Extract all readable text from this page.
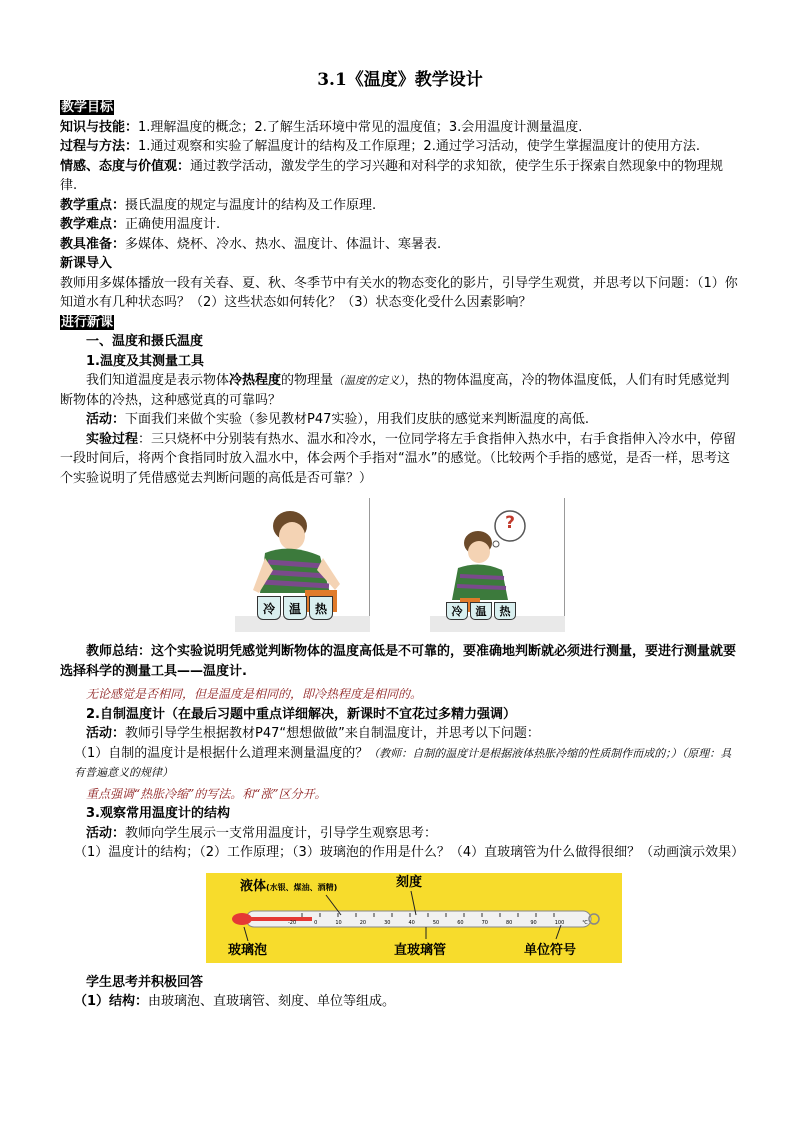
3.1《温度》教学设计
教学目标
知识与技能：1.理解温度的概念；2.了解生活环境中常见的温度值；3.会用温度计测量温度.
过程与方法：1.通过观察和实验了解温度计的结构及工作原理；2.通过学习活动，使学生掌握温度计的使用方法.
情感、态度与价值观：通过教学活动，激发学生的学习兴趣和对科学的求知欲，使学生乐于探索自然现象中的物理规律.
教学重点：摄氏温度的规定与温度计的结构及工作原理.
教学难点：正确使用温度计.
教具准备：多媒体、烧杯、冷水、热水、温度计、体温计、寒暑表.
新课导入
教师用多媒体播放一段有关春、夏、秋、冬季节中有关水的物态变化的影片，引导学生观赏，并思考以下问题：（1）你知道水有几种状态吗？（2）这些状态如何转化？（3）状态变化受什么因素影响？
进行新课
一、温度和摄氏温度
1.温度及其测量工具
我们知道温度是表示物体冷热程度的物理量（温度的定义），热的物体温度高，冷的物体温度低，人们有时凭感觉判断物体的冷热，这种感觉真的可靠吗？
活动：下面我们来做个实验（参见教材P47实验），用我们皮肤的感觉来判断温度的高低.
实验过程：三只烧杯中分别装有热水、温水和冷水，一位同学将左手食指伸入热水中，右手食指伸入冷水中，停留一段时间后，将两个食指同时放入温水中，体会两个手指对“温水”的感觉。（比较两个手指的感觉，是否一样，思考这个实验说明了凭借感觉去判断问题的高低是否可靠？）
冷	温	热
?
冷	温	热
教师总结：这个实验说明凭感觉判断物体的温度高低是不可靠的，要准确地判断就必须进行测量，要进行测量就要选择科学的测量工具——温度计.
无论感觉是否相同，但是温度是相同的，即冷热程度是相同的。
2.自制温度计（在最后习题中重点详细解决，新课时不宜花过多精力强调）
活动：教师引导学生根据教材P47“想想做做”来自制温度计，并思考以下问题：
（1）自制的温度计是根据什么道理来测量温度的？（教师：自制的温度计是根据液体热胀冷缩的性质制作而成的；）（原理：具有普遍意义的规律）
重点强调“热胀冷缩”的写法。和“涨”区分开。
3.观察常用温度计的结构
活动：教师向学生展示一支常用温度计，引导学生观察思考：
（1）温度计的结构；（2）工作原理；（3）玻璃泡的作用是什么？（4）直玻璃管为什么做得很细？（动画演示效果）
-20	0	10	20	30	40	50	60	70	80	90	100	℃
液体(水银、煤油、酒精)	刻度
玻璃泡	直玻璃管	单位符号
学生思考并积极回答
（1）结构：由玻璃泡、直玻璃管、刻度、单位等组成。
